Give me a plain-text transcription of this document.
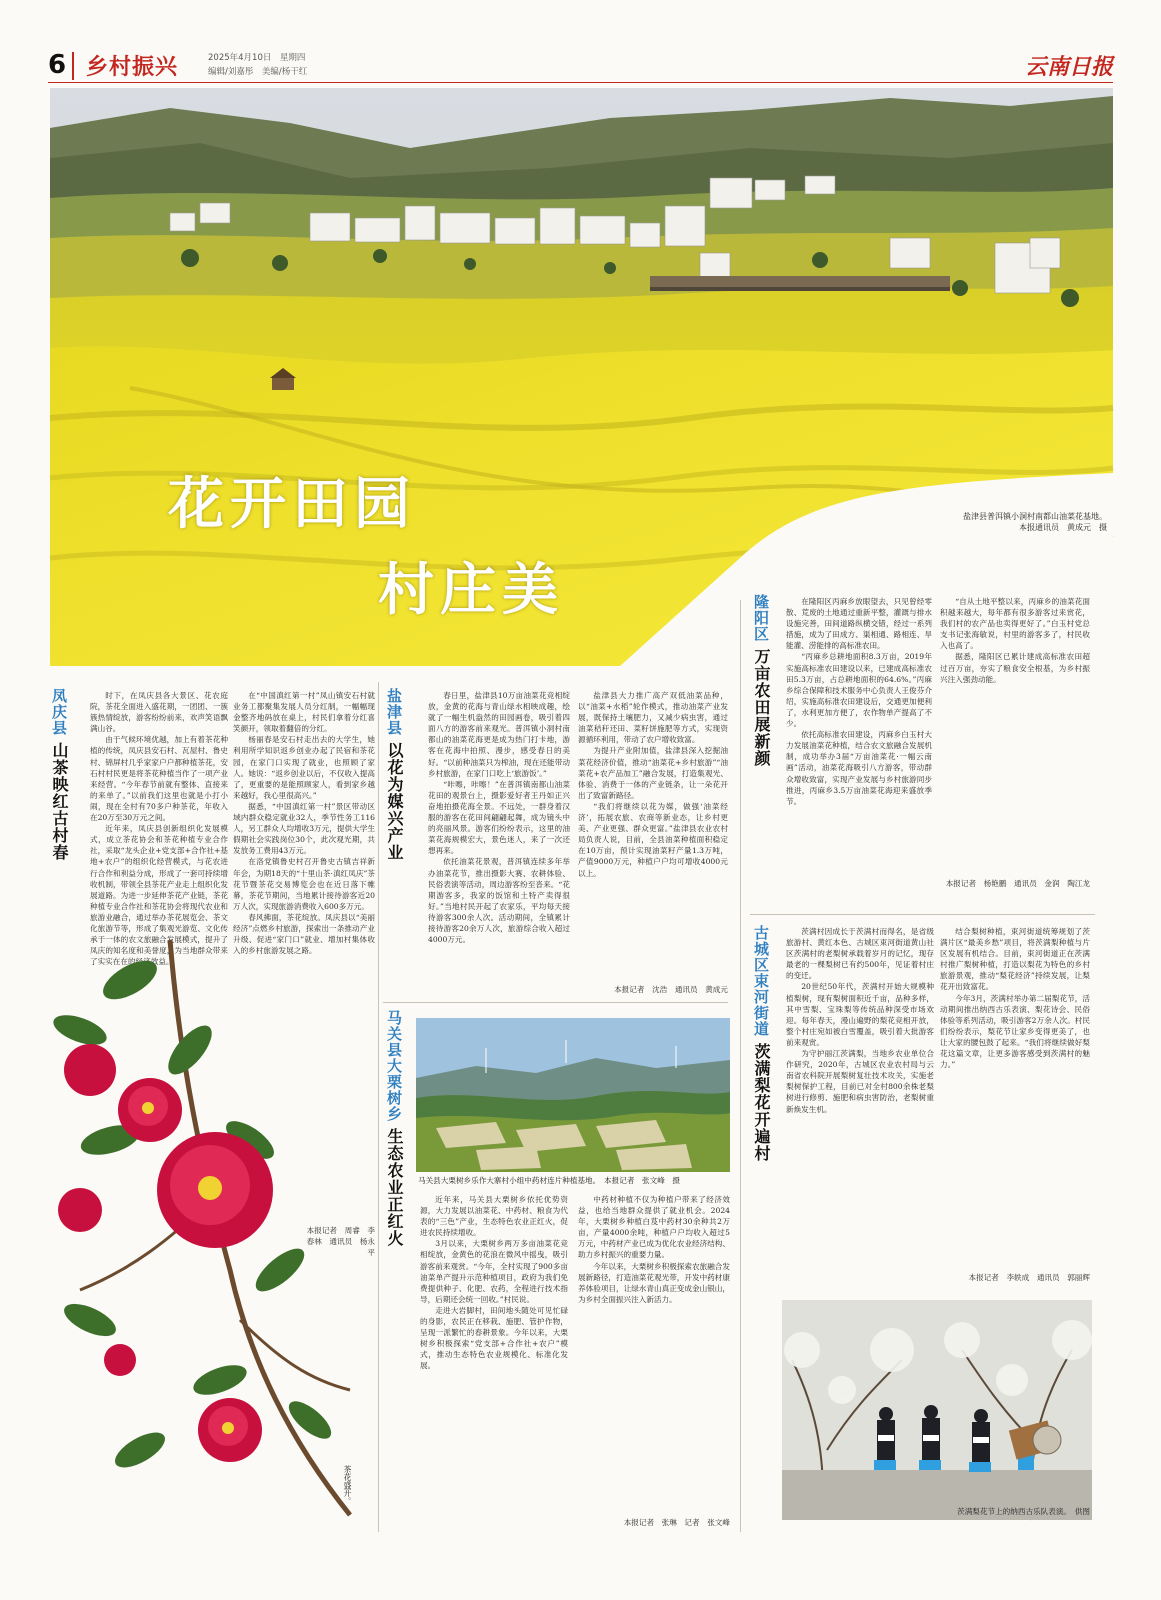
6 乡村振兴	2025年4月10日　 星期四
编辑/刘嘉彤　 美编/杨干红	云南日报
花开田园
村庄美
盐津县普洱镇小洞村南都山油菜花基地。
本报通讯员　黄成元　摄
凤庆县 山茶映红古村春

时下，在凤庆县各大景区、花农庭院，茶花全面进入盛花期，一团团、一簇簇热情绽放，游客纷纷前来，欢声笑语飘满山谷。

由于气候环境优越，加上有着茶花种植的传统，凤庆县安石村、瓦屋村、鲁史村、锦屏村几乎家家户户都种植茶花，安石村村民更是将茶花种植当作了一项产业来经营。“今年春节前就有整体、直接来的来单了。”以前我们这里也就是小打小闹，现在全村有70多户种茶花，年收入在20万至30万元之间。

近年来，凤庆县创新组织化发展模式，成立茶花协会和茶花种植专业合作社，采取“龙头企业+党支部+合作社+基地+农户”的组织化经营模式，与花农进行合作和利益分成，形成了一套可持续增收机制，带领全县茶花产业走上组织化发展道路。为进一步延伸茶花产业链，茶花种植专业合作社和茶花协会将现代农业和旅游业融合，通过举办茶花展览会、茶文化旅游节等，形成了集观光游览、文化传承于一体的农文旅融合发展模式，提升了凤庆的知名度和美誉度，为当地群众带来了实实在在的经济效益。

在“中国滇红第一村”凤山镇安石村就业务工都聚集发展人员分红制，一幅幅现金整齐地码放在桌上，村民们拿着分红喜笑颜开，领取着翻倍的分红。

杨丽春是安石村走出去的大学生，她利用所学知识返乡创业办起了民宿和茶花园，在家门口实现了就业，也照顾了家人。她说：“返乡创业以后，不仅收入提高了，更重要的是能照顾家人，看到家乡越来越好，我心里很高兴。”

据悉，“中国滇红第一村”景区带动区域内群众稳定就业32人，季节性务工116人，另工群众人均增收3万元，提供大学生假期社会实践岗位30个，此次观光期，共发放务工费用43万元。

在洛党镇鲁史村召开鲁史古镇吉祥新年会，为期18天的“十里山茶·滇红凤庆”茶花节暨茶花交易博览会也在近日落下帷幕，茶花节期间，当地累计接待游客近20万人次，实现旅游消费收入600多万元。

春风拂面，茶花绽放。凤庆县以“美丽经济”点燃乡村旅游，探索出一条推动产业升级、促进“家门口”就业、增加村集体收入的乡村旅游发展之路。

本报记者　周睿　李春林　通讯员　杨永平
茶花盛开。
盐津县 以花为媒兴产业

春日里，盐津县10万亩油菜花竞相绽放，金黄的花海与青山绿水相映成趣，绘就了一幅生机盎然的田园画卷，吸引着四面八方的游客前来观光。普洱镇小洞村南都山的油菜花海更是成为热门打卡地，游客在花海中拍照、漫步，感受春日的美好。“以前种油菜只为榨油，现在还能带动乡村旅游，在家门口吃上‘旅游饭’。”

“咔嚓，咔嚓！”在普洱镇南都山油菜花田的观景台上，摄影爱好者王丹如正兴奋地拍摄花海全景。不远处，一群身着汉服的游客在花田间翩翩起舞，成为镜头中的亮丽风景。游客们纷纷表示，这里的油菜花海规模宏大，景色迷人，来了一次还想再来。

依托油菜花景观，普洱镇连续多年举办油菜花节，推出摄影大赛、农耕体验、民俗表演等活动，周边游客纷至沓来。“花期游客多，我家的饭馆和土特产卖得很好。”当地村民开起了农家乐，平均每天接待游客300余人次。活动期间，全镇累计接待游客20余万人次，旅游综合收入超过4000万元。

盐津县大力推广高产双低油菜品种，以“油菜+水稻”轮作模式，推动油菜产业发展，既保持土壤肥力，又减少病虫害，通过油菜秸秆还田、菜籽饼施肥等方式，实现资源循环利用，带动了农户增收致富。

为提升产业附加值，盐津县深入挖掘油菜花经济价值，推动“油菜花+乡村旅游”“油菜花+农产品加工”融合发展，打造集观光、体验、消费于一体的产业链条，让一朵花开出了致富新路径。

“我们将继续以花为媒，做强‘油菜经济’，拓展农旅、农商等新业态，让乡村更美、产业更强、群众更富。”盐津县农业农村局负责人说，目前，全县油菜种植面积稳定在10万亩，预计实现油菜籽产量1.3万吨，产值9000万元，种植户户均可增收4000元以上。

本报记者　沈浩　通讯员　黄成元
马关县大栗树乡 生态农业正红火 马关县大栗树乡乐作大寨村小组中药材连片种植基地。　 本报记者　张文峰　摄

近年来，马关县大栗树乡依托优势资源，大力发展以油菜花、中药材、粮食为代表的“三色”产业，生态特色农业正红火，促进农民持续增收。

3月以来，大栗树乡两万多亩油菜花竞相绽放，金黄色的花浪在微风中摇曳，吸引游客前来观赏。“今年，全村实现了900多亩油菜单产提升示范种植项目，政府为我们免费提供种子、化肥、农药，全程进行技术指导，后期还会统一回收。”村民说。

走进大岩脚村，田间地头随处可见忙碌的身影，农民正在移栽、施肥、管护作物，呈现一派繁忙的春耕景象。今年以来，大栗树乡积极探索“党支部+合作社+农户”模式，推动生态特色农业规模化、标准化发展。

中药材种植不仅为种植户带来了经济效益，也给当地群众提供了就业机会。2024年，大栗树乡种植白芨中药材30余种共2万亩，产量4000余吨，种植户户均收入超过5万元，中药材产业已成为优化农业经济结构、助力乡村振兴的重要力量。

今年以来，大栗树乡积极探索农旅融合发展新路径，打造油菜花观光带，开发中药材康养体验项目，让绿水青山真正变成金山银山，为乡村全面振兴注入新活力。

本报记者　张琳　记者　张文峰
隆阳区 万亩农田展新颜

在隆阳区丙麻乡放眼望去，只见曾经零散、荒废的土地通过重新平整，灌溉与排水设施完善，田间道路纵横交错，经过一系列措施，成为了田成方、渠相通、路相连、旱能灌、涝能排的高标准农田。

“丙麻乡总耕地面积8.3万亩，2019年实施高标准农田建设以来，已建成高标准农田5.3万亩，占总耕地面积的64.6%。”丙麻乡综合保障和技术服务中心负责人王俊芬介绍，实施高标准农田建设后，交通更加便利了，水利更加方便了，农作物单产提高了不少。

依托高标准农田建设，丙麻乡白玉村大力发展油菜花种植，结合农文旅融合发展机制，成功举办3届“万亩油菜花·一幅云南画”活动，油菜花海吸引八方游客，带动群众增收致富，实现产业发展与乡村旅游同步推进，丙麻乡3.5万亩油菜花海迎来盛放季节。

“自从土地平整以来，丙麻乡的油菜花面积越来越大，每年都有很多游客过来赏花，我们村的农产品也卖得更好了。”白玉村党总支书记张海敏说，村里的游客多了，村民收入也高了。

据悉，隆阳区已累计建成高标准农田超过百万亩，夯实了粮食安全根基，为乡村振兴注入强劲动能。

本报记者　杨艳鹏　通讯员　金润　陶江龙
古城区束河街道 茨满梨花开遍村

茨满村因成长于茨满村而得名，是省级旅游村、黄红本色、古城区束河街道黄山社区茨满村的老梨树承载着岁月的记忆，现存最老的一棵梨树已有约500年，见证着村庄的变迁。

20世纪50年代，茨满村开始大规模种植梨树，现有梨树面积近千亩，品种多样，其中雪梨、宝珠梨等传统品种深受市场欢迎。每年春天，漫山遍野的梨花竞相开放，整个村庄宛如被白雪覆盖，吸引着大批游客前来观赏。

为守护丽江茨满梨，当地乡农业单位合作研究，2020年，古城区农业农村局与云南省农科院开展梨树复壮技术攻关，实施老梨树保护工程，目前已对全村800余株老梨树进行修剪、施肥和病虫害防治，老梨树重新焕发生机。

结合梨树种植，束河街道统筹规划了茨满片区“最美乡愁”项目，将茨满梨种植与片区发展有机结合。目前，束河街道正在茨满村推广梨树种植，打造以梨花为特色的乡村旅游景观，推动“梨花经济”持续发展，让梨花开出致富花。

今年3月，茨满村举办第二届梨花节，活动期间推出纳西古乐表演、梨花诗会、民俗体验等系列活动，吸引游客2万余人次。村民们纷纷表示，梨花节让家乡变得更美了，也让大家的腰包鼓了起来。“我们将继续做好梨花这篇文章，让更多游客感受到茨满村的魅力。”

本报记者　李轶成　通讯员　郭丽辉
茨满梨花节上的纳西古乐队表演。　 供图
